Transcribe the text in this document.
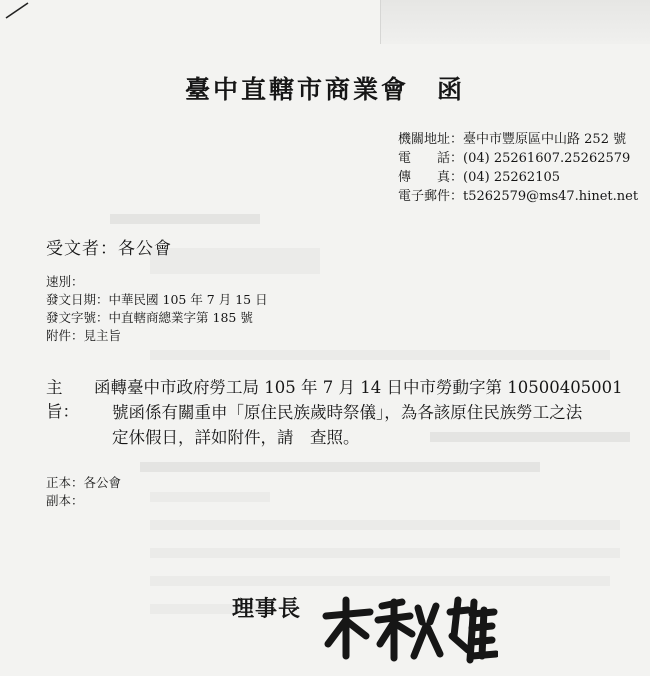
臺中直轄市商業會　函
機關地址：臺中市豐原區中山路 252 號
電　　話：(04) 25261607.25262579
傳　　真：(04) 25262105
電子郵件：t5262579@ms47.hinet.net
受文者：各公會
速別：
發文日期：中華民國 105 年 7 月 15 日
發文字號：中直轄商總業字第 185 號
附件：見主旨
主旨：
函轉臺中市政府勞工局 105 年 7 月 14 日中市勞動字第 10500405001
號函係有關重申「原住民族歲時祭儀」，為各該原住民族勞工之法
定休假日，詳如附件，請　查照。
正本：各公會
副本：
理事長
